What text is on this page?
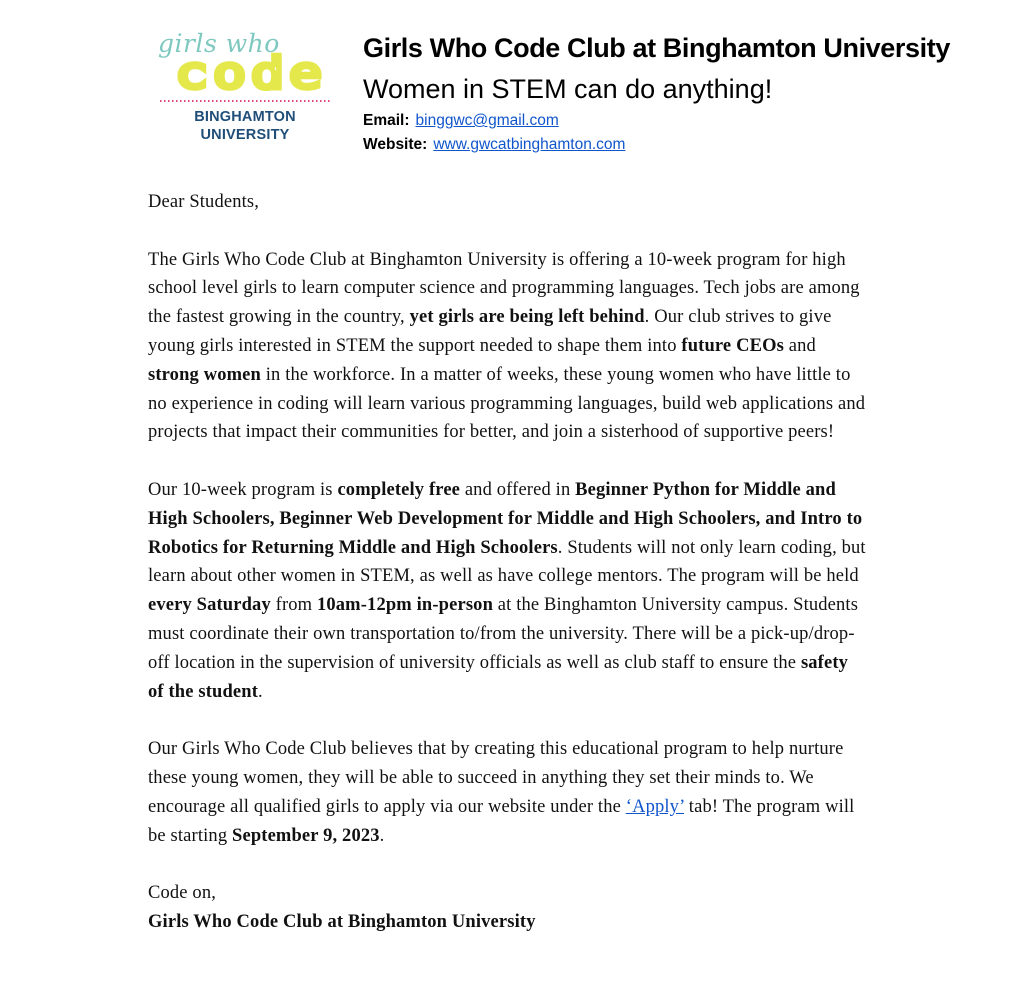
girls who
code
BINGHAMTON
UNIVERSITY
Girls Who Code Club at Binghamton University
Women in STEM can do anything!
Email: binggwc@gmail.com
Website: www.gwcatbinghamton.com

Dear Students,

The Girls Who Code Club at Binghamton University is offering a 10-week program for high school level girls to learn computer science and programming languages. Tech jobs are among the fastest growing in the country, yet girls are being left behind. Our club strives to give young girls interested in STEM the support needed to shape them into future CEOs and strong women in the workforce. In a matter of weeks, these young women who have little to no experience in coding will learn various programming languages, build web applications and projects that impact their communities for better, and join a sisterhood of supportive peers!

Our 10-week program is completely free and offered in Beginner Python for Middle and High Schoolers, Beginner Web Development for Middle and High Schoolers, and Intro to Robotics for Returning Middle and High Schoolers. Students will not only learn coding, but learn about other women in STEM, as well as have college mentors. The program will be held every Saturday from 10am-12pm in-person at the Binghamton University campus. Students must coordinate their own transportation to/from the university. There will be a pick-up/drop-off location in the supervision of university officials as well as club staff to ensure the safety of the student.

Our Girls Who Code Club believes that by creating this educational program to help nurture these young women, they will be able to succeed in anything they set their minds to. We encourage all qualified girls to apply via our website under the ‘Apply’ tab! The program will be starting September 9, 2023.

Code on,

Girls Who Code Club at Binghamton University
